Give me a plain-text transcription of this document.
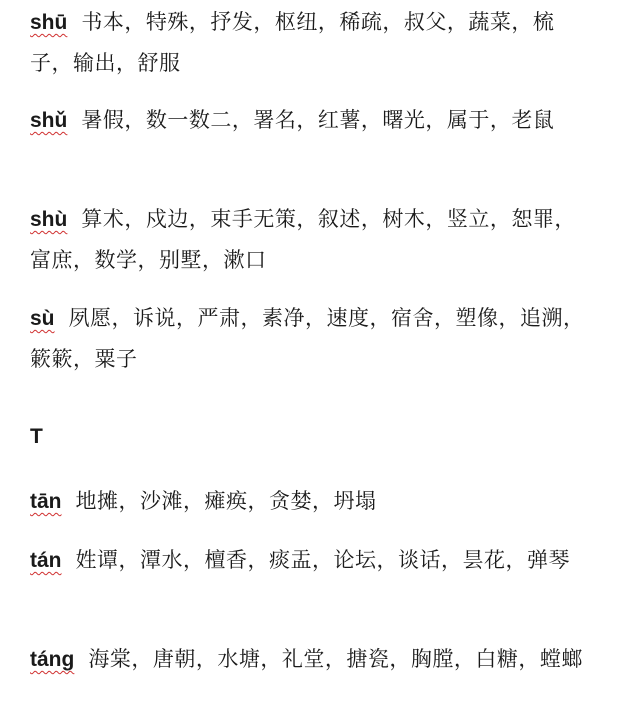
shū 书本，特殊，抒发，枢纽，稀疏，叔父，蔬菜，梳子，输出，舒服
shǔ 暑假，数一数二，署名，红薯，曙光，属于，老鼠
shù 算术，戍边，束手无策，叙述，树木，竖立，恕罪，富庶，数学，别墅，漱口
sù 夙愿，诉说，严肃，素净，速度，宿舍，塑像，追溯，簌簌，粟子
T
tān 地摊，沙滩，瘫痪，贪婪，坍塌
tán 姓谭，潭水，檀香，痰盂，论坛，谈话，昙花，弹琴
táng 海棠，唐朝，水塘，礼堂，搪瓷，胸膛，白糖，螳螂
